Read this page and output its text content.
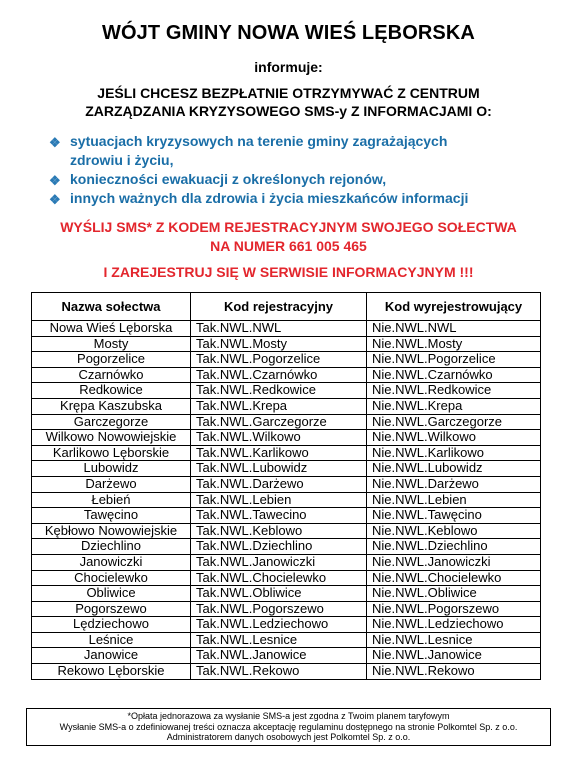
WÓJT GMINY NOWA WIEŚ LĘBORSKA
informuje:
JEŚLI CHCESZ BEZPŁATNIE OTRZYMYWAĆ Z CENTRUM
ZARZĄDZANIA KRYZYSOWEGO SMS-y Z INFORMACJAMI O:
❖ sytuacjach kryzysowych na terenie gminy zagrażających
zdrowiu i życiu,
❖ konieczności ewakuacji z określonych rejonów,
❖ innych ważnych dla zdrowia i życia mieszkańców informacji
WYŚLIJ SMS* Z KODEM REJESTRACYJNYM SWOJEGO SOŁECTWA
NA NUMER 661 005 465
I ZAREJESTRUJ SIĘ W SERWISIE INFORMACYJNYM !!!
Nazwa sołectwa	Kod rejestracyjny	Kod wyrejestrowujący
Nowa Wieś Lęborska	Tak.NWL.NWL	Nie.NWL.NWL
Mosty	Tak.NWL.Mosty	Nie.NWL.Mosty
Pogorzelice	Tak.NWL.Pogorzelice	Nie.NWL.Pogorzelice
Czarnówko	Tak.NWL.Czarnówko	Nie.NWL.Czarnówko
Redkowice	Tak.NWL.Redkowice	Nie.NWL.Redkowice
Krępa Kaszubska	Tak.NWL.Krepa	Nie.NWL.Krepa
Garczegorze	Tak.NWL.Garczegorze	Nie.NWL.Garczegorze
Wilkowo Nowowiejskie	Tak.NWL.Wilkowo	Nie.NWL.Wilkowo
Karlikowo Lęborskie	Tak.NWL.Karlikowo	Nie.NWL.Karlikowo
Lubowidz	Tak.NWL.Lubowidz	Nie.NWL.Lubowidz
Darżewo	Tak.NWL.Darżewo	Nie.NWL.Darżewo
Łebień	Tak.NWL.Lebien	Nie.NWL.Lebien
Tawęcino	Tak.NWL.Tawecino	Nie.NWL.Tawęcino
Kębłowo Nowowiejskie	Tak.NWL.Keblowo	Nie.NWL.Keblowo
Dziechlino	Tak.NWL.Dziechlino	Nie.NWL.Dziechlino
Janowiczki	Tak.NWL.Janowiczki	Nie.NWL.Janowiczki
Chocielewko	Tak.NWL.Chocielewko	Nie.NWL.Chocielewko
Obliwice	Tak.NWL.Obliwice	Nie.NWL.Obliwice
Pogorszewo	Tak.NWL.Pogorszewo	Nie.NWL.Pogorszewo
Lędziechowo	Tak.NWL.Ledziechowo	Nie.NWL.Ledziechowo
Leśnice	Tak.NWL.Lesnice	Nie.NWL.Lesnice
Janowice	Tak.NWL.Janowice	Nie.NWL.Janowice
Rekowo Lęborskie	Tak.NWL.Rekowo	Nie.NWL.Rekowo
*Opłata jednorazowa za wysłanie SMS-a jest zgodna z Twoim planem taryfowym
Wysłanie SMS-a o zdefiniowanej treści oznacza akceptację regulaminu dostępnego na stronie Polkomtel Sp. z o.o.
Administratorem danych osobowych jest Polkomtel Sp. z o.o.
